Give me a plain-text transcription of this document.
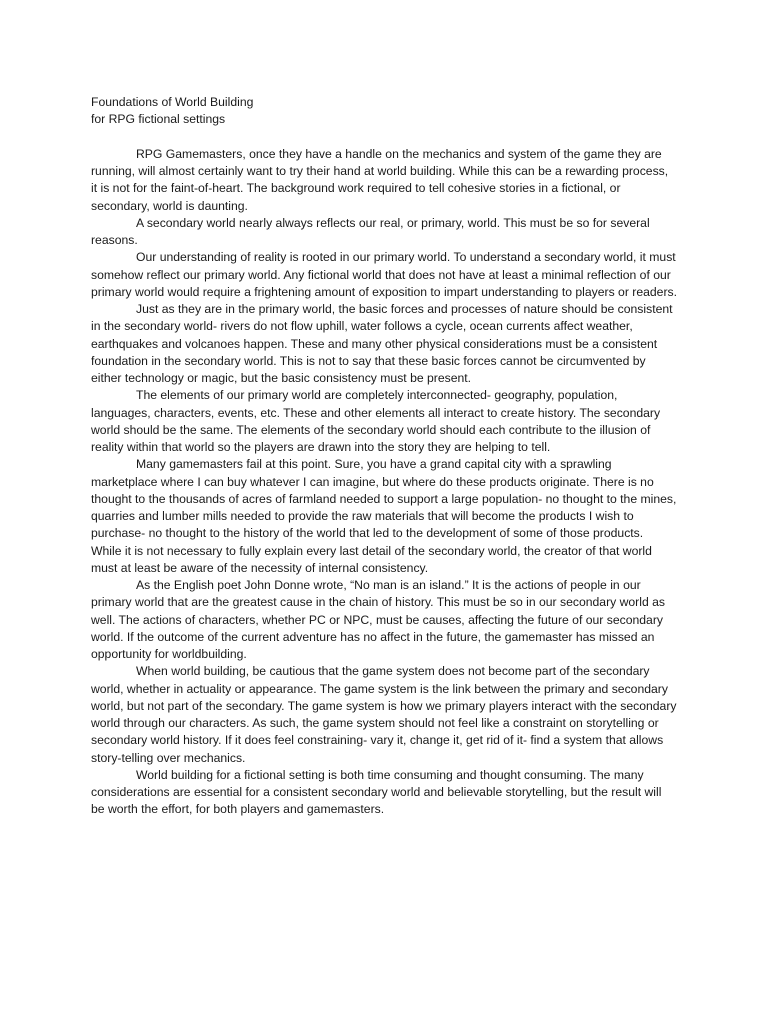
Foundations of World Building

for RPG fictional settings

RPG Gamemasters, once they have a handle on the mechanics and system of the game they are running, will almost certainly want to try their hand at world building. While this can be a rewarding process, it is not for the faint-of-heart. The background work required to tell cohesive stories in a fictional, or secondary, world is daunting.

A secondary world nearly always reflects our real, or primary, world. This must be so for several reasons.

Our understanding of reality is rooted in our primary world. To understand a secondary world, it must somehow reflect our primary world. Any fictional world that does not have at least a minimal reflection of our primary world would require a frightening amount of exposition to impart understanding to players or readers.

Just as they are in the primary world, the basic forces and processes of nature should be consistent in the secondary world- rivers do not flow uphill, water follows a cycle, ocean currents affect weather, earthquakes and volcanoes happen. These and many other physical considerations must be a consistent foundation in the secondary world. This is not to say that these basic forces cannot be circumvented by either technology or magic, but the basic consistency must be present.

The elements of our primary world are completely interconnected- geography, population, languages, characters, events, etc. These and other elements all interact to create history. The secondary world should be the same. The elements of the secondary world should each contribute to the illusion of reality within that world so the players are drawn into the story they are helping to tell.

Many gamemasters fail at this point. Sure, you have a grand capital city with a sprawling marketplace where I can buy whatever I can imagine, but where do these products originate. There is no thought to the thousands of acres of farmland needed to support a large population- no thought to the mines, quarries and lumber mills needed to provide the raw materials that will become the products I wish to purchase- no thought to the history of the world that led to the development of some of those products. While it is not necessary to fully explain every last detail of the secondary world, the creator of that world must at least be aware of the necessity of internal consistency.

As the English poet John Donne wrote, “No man is an island.” It is the actions of people in our primary world that are the greatest cause in the chain of history. This must be so in our secondary world as well. The actions of characters, whether PC or NPC, must be causes, affecting the future of our secondary world. If the outcome of the current adventure has no affect in the future, the gamemaster has missed an opportunity for worldbuilding.

When world building, be cautious that the game system does not become part of the secondary world, whether in actuality or appearance. The game system is the link between the primary and secondary world, but not part of the secondary. The game system is how we primary players interact with the secondary world through our characters. As such, the game system should not feel like a constraint on storytelling or secondary world history. If it does feel constraining- vary it, change it, get rid of it- find a system that allows story-telling over mechanics.

World building for a fictional setting is both time consuming and thought consuming. The many considerations are essential for a consistent secondary world and believable storytelling, but the result will be worth the effort, for both players and gamemasters.
